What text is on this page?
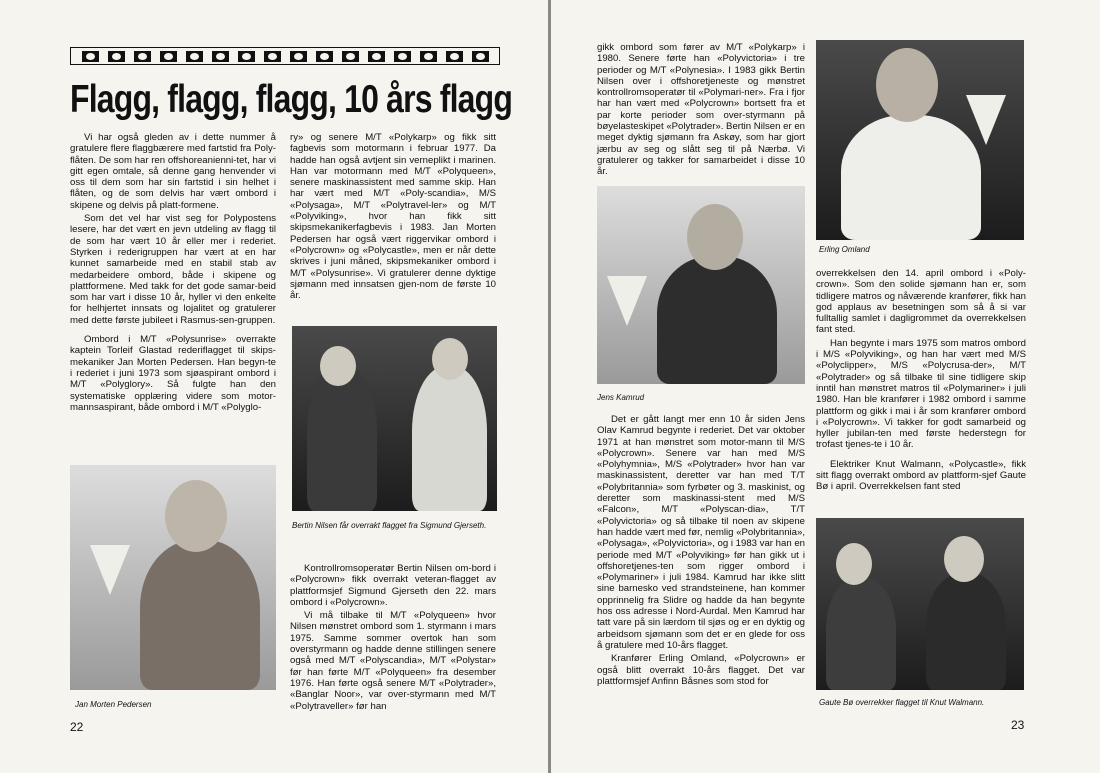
Flagg, flagg, flagg, 10 års flagg

Vi har også gleden av i dette nummer å gratulere flere flaggbærere med fartstid fra Poly-flåten. De som har ren offshoreanienni-tet, har vi gitt egen omtale, så denne gang henvender vi oss til dem som har sin fartstid i sin helhet i flåten, og de som delvis har vært ombord i skipene og delvis på platt-formene.

Som det vel har vist seg for Polypostens lesere, har det vært en jevn utdeling av flagg til de som har vært 10 år eller mer i rederiet. Styrken i rederigruppen har vært at en har kunnet samarbeide med en stabil stab av medarbeidere ombord, både i skipene og plattformene. Med takk for det gode samar-beid som har vart i disse 10 år, hyller vi den enkelte for helhjertet innsats og lojalitet og gratulerer med dette første jubileet i Rasmus-sen-gruppen.

Ombord i M/T «Polysunrise» overrakte kaptein Torleif Glastad rederiflagget til skips-mekaniker Jan Morten Pedersen. Han begyn-te i rederiet i juni 1973 som sjøaspirant ombord i M/T «Polyglory». Så fulgte han den systematiske opplæring videre som motor-mannsaspirant, både ombord i M/T «Polyglo-

ry» og senere M/T «Polykarp» og fikk sitt fagbevis som motormann i februar 1977. Da hadde han også avtjent sin verneplikt i marinen. Han var motormann med M/T «Polyqueen», senere maskinassistent med samme skip. Han har vært med M/T «Poly-scandia», M/S «Polysaga», M/T «Polytravel-ler» og M/T «Polyviking», hvor han fikk sitt skipsmekanikerfagbevis i 1983. Jan Morten Pedersen har også vært riggervikar ombord i «Polycrown» og «Polycastle», men er når dette skrives i juni måned, skipsmekaniker ombord i M/T «Polysunrise». Vi gratulerer denne dyktige sjømann med innsatsen gjen-nom de første 10 år.

Bertin Nilsen får overrakt flagget fra Sigmund Gjerseth.

Kontrollromsoperatør Bertin Nilsen om-bord i «Polycrown» fikk overrakt veteran-flagget av plattformsjef Sigmund Gjerseth den 22. mars ombord i «Polycrown».

Vi må tilbake til M/T «Polyqueen» hvor Nilsen mønstret ombord som 1. styrmann i mars 1975. Samme sommer overtok han som overstyrmann og hadde denne stillingen senere også med M/T «Polyscandia», M/T «Polystar» før han førte M/T «Polyqueen» fra desember 1976. Han førte også senere M/T «Polytrader», «Banglar Noor», var over-styrmann med M/T «Polytraveller» før han

Jan Morten Pedersen
22

gikk ombord som fører av M/T «Polykarp» i 1980. Senere førte han «Polyvictoria» i tre perioder og M/T «Polynesia». I 1983 gikk Bertin Nilsen over i offshoretjeneste og mønstret kontrollromsoperatør til «Polymari-ner». Fra i fjor har han vært med «Polycrown» bortsett fra et par korte perioder som over-styrmann på bøyelasteskipet «Polytrader». Bertin Nilsen er en meget dyktig sjømann fra Askøy, som har gjort jærbu av seg og slått seg til på Nærbø. Vi gratulerer og takker for samarbeidet i disse 10 år.

Jens Kamrud

Det er gått langt mer enn 10 år siden Jens Olav Kamrud begynte i rederiet. Det var oktober 1971 at han mønstret som motor-mann til M/S «Polycrown». Senere var han med M/S «Polyhymnia», M/S «Polytrader» hvor han var maskinassistent, deretter var han med T/T «Polybritannia» som fyrbøter og 3. maskinist, og deretter som maskinassi-stent med M/S «Falcon», M/T «Polyscan-dia», T/T «Polyvictoria» og så tilbake til noen av skipene han hadde vært med før, nemlig «Polybritannia», «Polysaga», «Polyvictoria», og i 1983 var han en periode med M/T «Polyviking» før han gikk ut i offshoretjenes-ten som rigger ombord i «Polymariner» i juli 1984. Kamrud har ikke slitt sine barnesko ved strandsteinene, han kommer opprinnelig fra Slidre og hadde da han begynte hos oss adresse i Nord-Aurdal. Men Kamrud har tatt vare på sin lærdom til sjøs og er en dyktig og arbeidsom sjømann som det er en glede for oss å gratulere med 10-års flagget.

Kranfører Erling Omland, «Polycrown» er også blitt overrakt 10-års flagget. Det var plattformsjef Anfinn Båsnes som stod for

Erling Omland

overrekkelsen den 14. april ombord i «Poly-crown». Som den solide sjømann han er, som tidligere matros og nåværende kranfører, fikk han god applaus av besetningen som så å si var fulltallig samlet i dagligrommet da overrekkelsen fant sted.

Han begynte i mars 1975 som matros ombord i M/S «Polyviking», og han har vært med M/S «Polyclipper», M/S «Polycrusa-der», M/T «Polytrader» og så tilbake til sine tidligere skip inntil han mønstret matros til «Polymariner» i juli 1980. Han ble kranfører i 1982 ombord i samme plattform og gikk i mai i år som kranfører ombord i «Polycrown». Vi takker for godt samarbeid og hyller jubilan-ten med første hederstegn for trofast tjenes-te i 10 år.

Elektriker Knut Walmann, «Polycastle», fikk sitt flagg overrakt ombord av plattform-sjef Gaute Bø i april. Overrekkelsen fant sted

Gaute Bø overrekker flagget til Knut Walmann.
23
